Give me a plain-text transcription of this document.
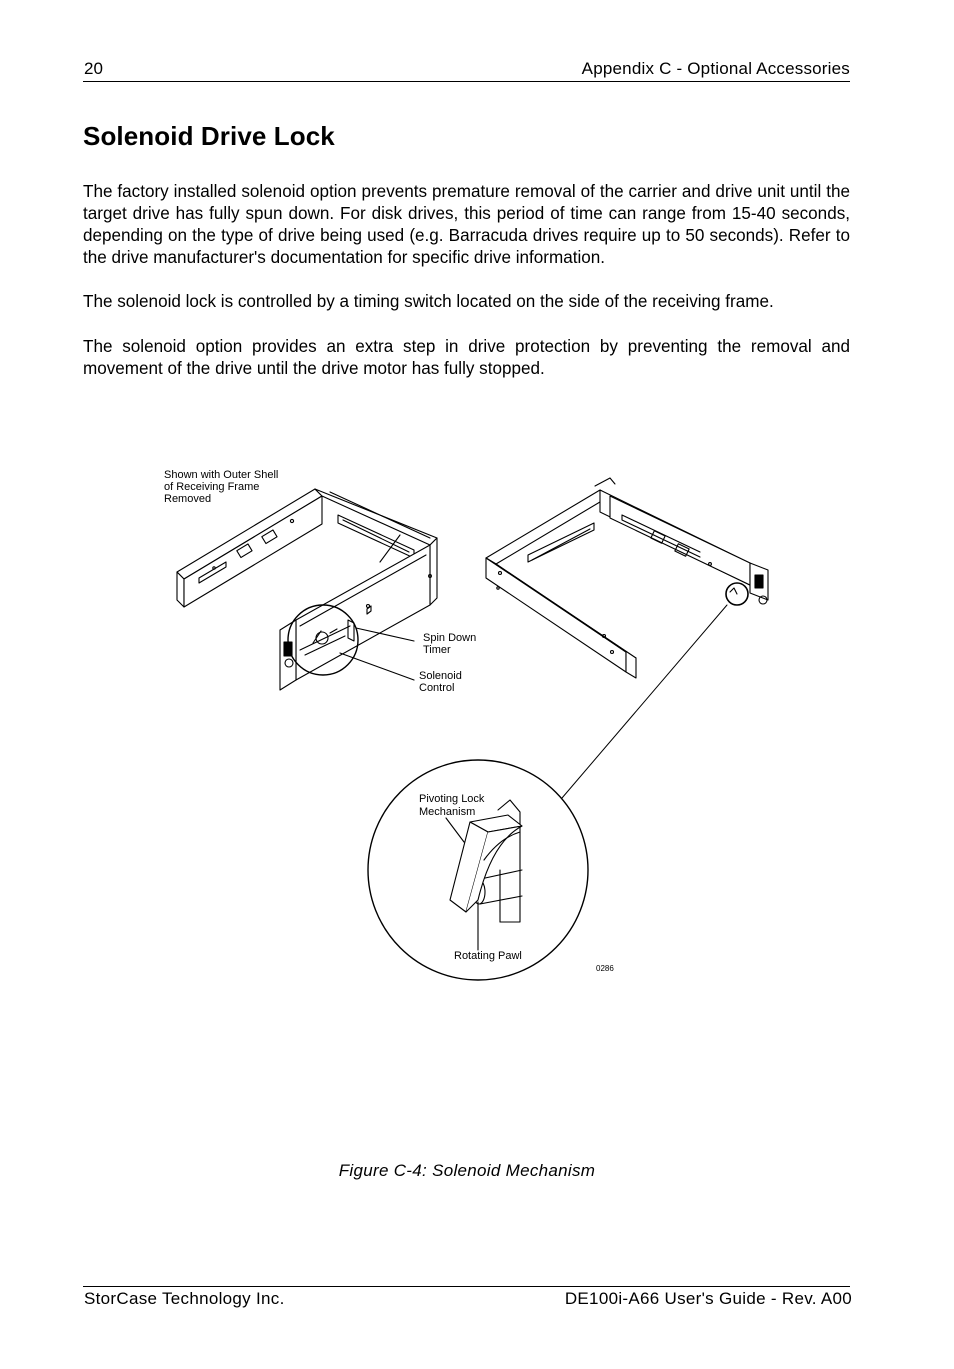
20	Appendix C - Optional Accessories
Solenoid Drive Lock

The factory installed solenoid option prevents premature removal of the carrier and drive unit until the target drive has fully spun down. For disk drives, this period of time can range from 15-40 seconds, depending on the type of drive being used (e.g. Barracuda drives require up to 50 seconds). Refer to the drive manufacturer's documentation for specific drive information.

The solenoid lock is controlled by a timing switch located on the side of the receiving frame.

The solenoid option provides an extra step in drive protection by preventing the removal and movement of the drive until the drive motor has fully stopped.

Shown with Outer Shell
of Receiving Frame
Removed
Spin Down
Timer
Solenoid
Control
Pivoting Lock
Mechanism
Rotating Pawl
0286
Figure C-4: Solenoid Mechanism
StorCase Technology Inc.	DE100i-A66 User's Guide - Rev. A00
